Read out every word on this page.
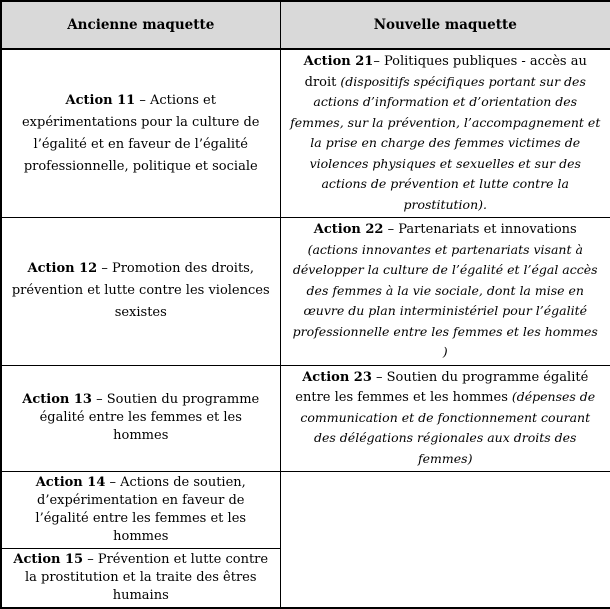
Ancienne maquette	Nouvelle maquette
Action 11 – Actions et expérimentations pour la culture de l’égalité et en faveur de l’égalité professionnelle, politique et sociale	Action 21– Politiques publiques - accès au droit (dispositifs spécifiques portant sur des actions d’information et d’orientation des femmes, sur la prévention, l’accompagnement et la prise en charge des femmes victimes de violences physiques et sexuelles et sur des actions de prévention et lutte contre la prostitution).
Action 12 – Promotion des droits, prévention et lutte contre les violences sexistes	Action 22 – Partenariats et innovations (actions innovantes et partenariats visant à développer la culture de l’égalité et l’égal accès des femmes à la vie sociale, dont la mise en œuvre du plan interministériel pour l’égalité professionnelle entre les femmes et les hommes )
Action 13 – Soutien du programme égalité entre les femmes et les hommes	Action 23 – Soutien du programme égalité entre les femmes et les hommes (dépenses de communication et de fonctionnement courant des délégations régionales aux droits des femmes)
Action 14 – Actions de soutien, d’expérimentation en faveur de l’égalité entre les femmes et les hommes	
Action 15 – Prévention et lutte contre la prostitution et la traite des êtres humains	
